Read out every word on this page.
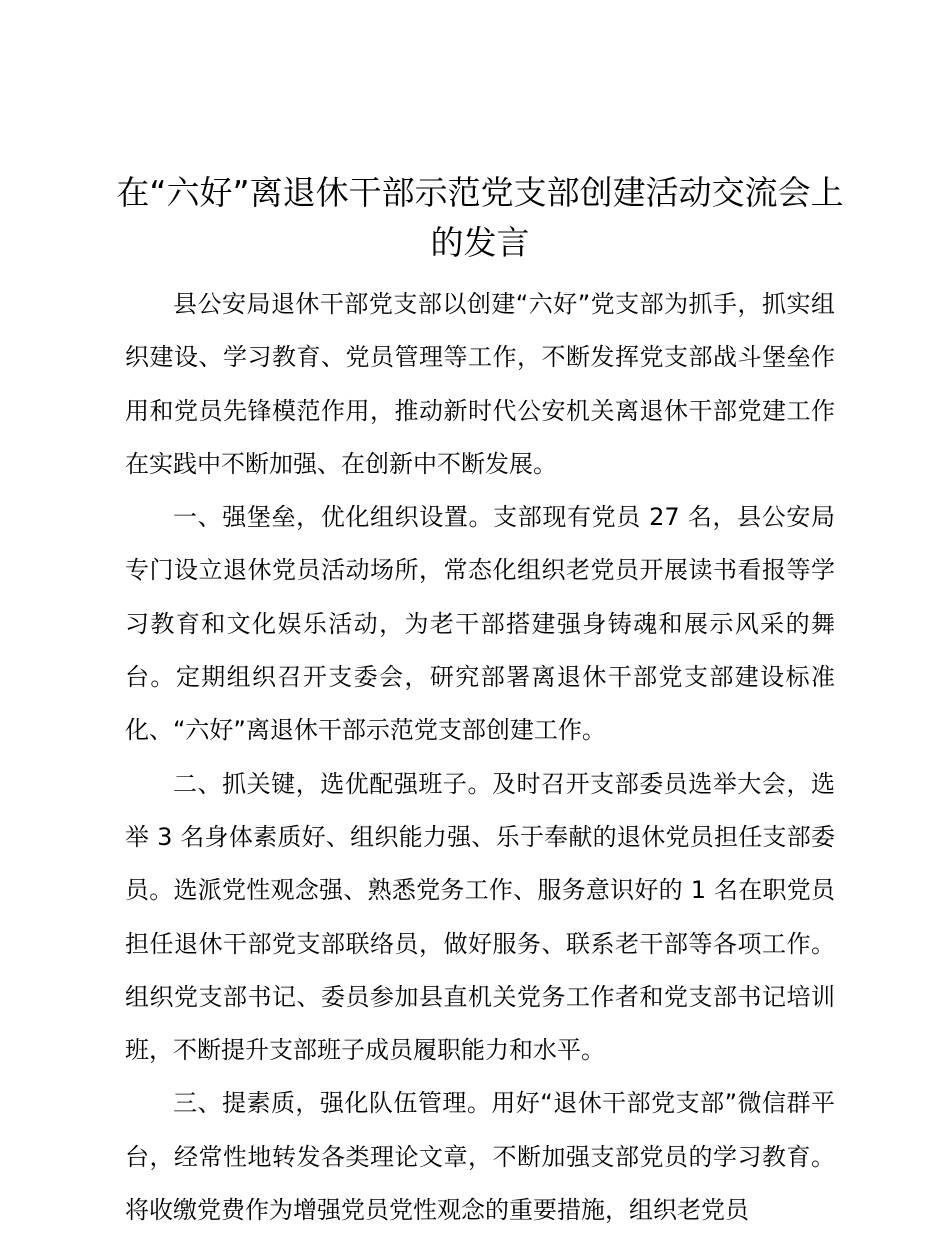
在“六好”离退休干部示范党支部创建活动交流会上的发言

县公安局退休干部党支部以创建“六好”党支部为抓手，抓实组织建设、学习教育、党员管理等工作，不断发挥党支部战斗堡垒作用和党员先锋模范作用，推动新时代公安机关离退休干部党建工作在实践中不断加强、在创新中不断发展。

一、强堡垒，优化组织设置。支部现有党员 27 名，县公安局专门设立退休党员活动场所，常态化组织老党员开展读书看报等学习教育和文化娱乐活动，为老干部搭建强身铸魂和展示风采的舞台。定期组织召开支委会，研究部署离退休干部党支部建设标准化、“六好”离退休干部示范党支部创建工作。

二、抓关键，选优配强班子。及时召开支部委员选举大会，选举 3 名身体素质好、组织能力强、乐于奉献的退休党员担任支部委员。选派党性观念强、熟悉党务工作、服务意识好的 1 名在职党员担任退休干部党支部联络员，做好服务、联系老干部等各项工作。组织党支部书记、委员参加县直机关党务工作者和党支部书记培训班，不断提升支部班子成员履职能力和水平。

三、提素质，强化队伍管理。用好“退休干部党支部”微信群平台，经常性地转发各类理论文章，不断加强支部党员的学习教育。将收缴党费作为增强党员党性观念的重要措施，组织老党员
